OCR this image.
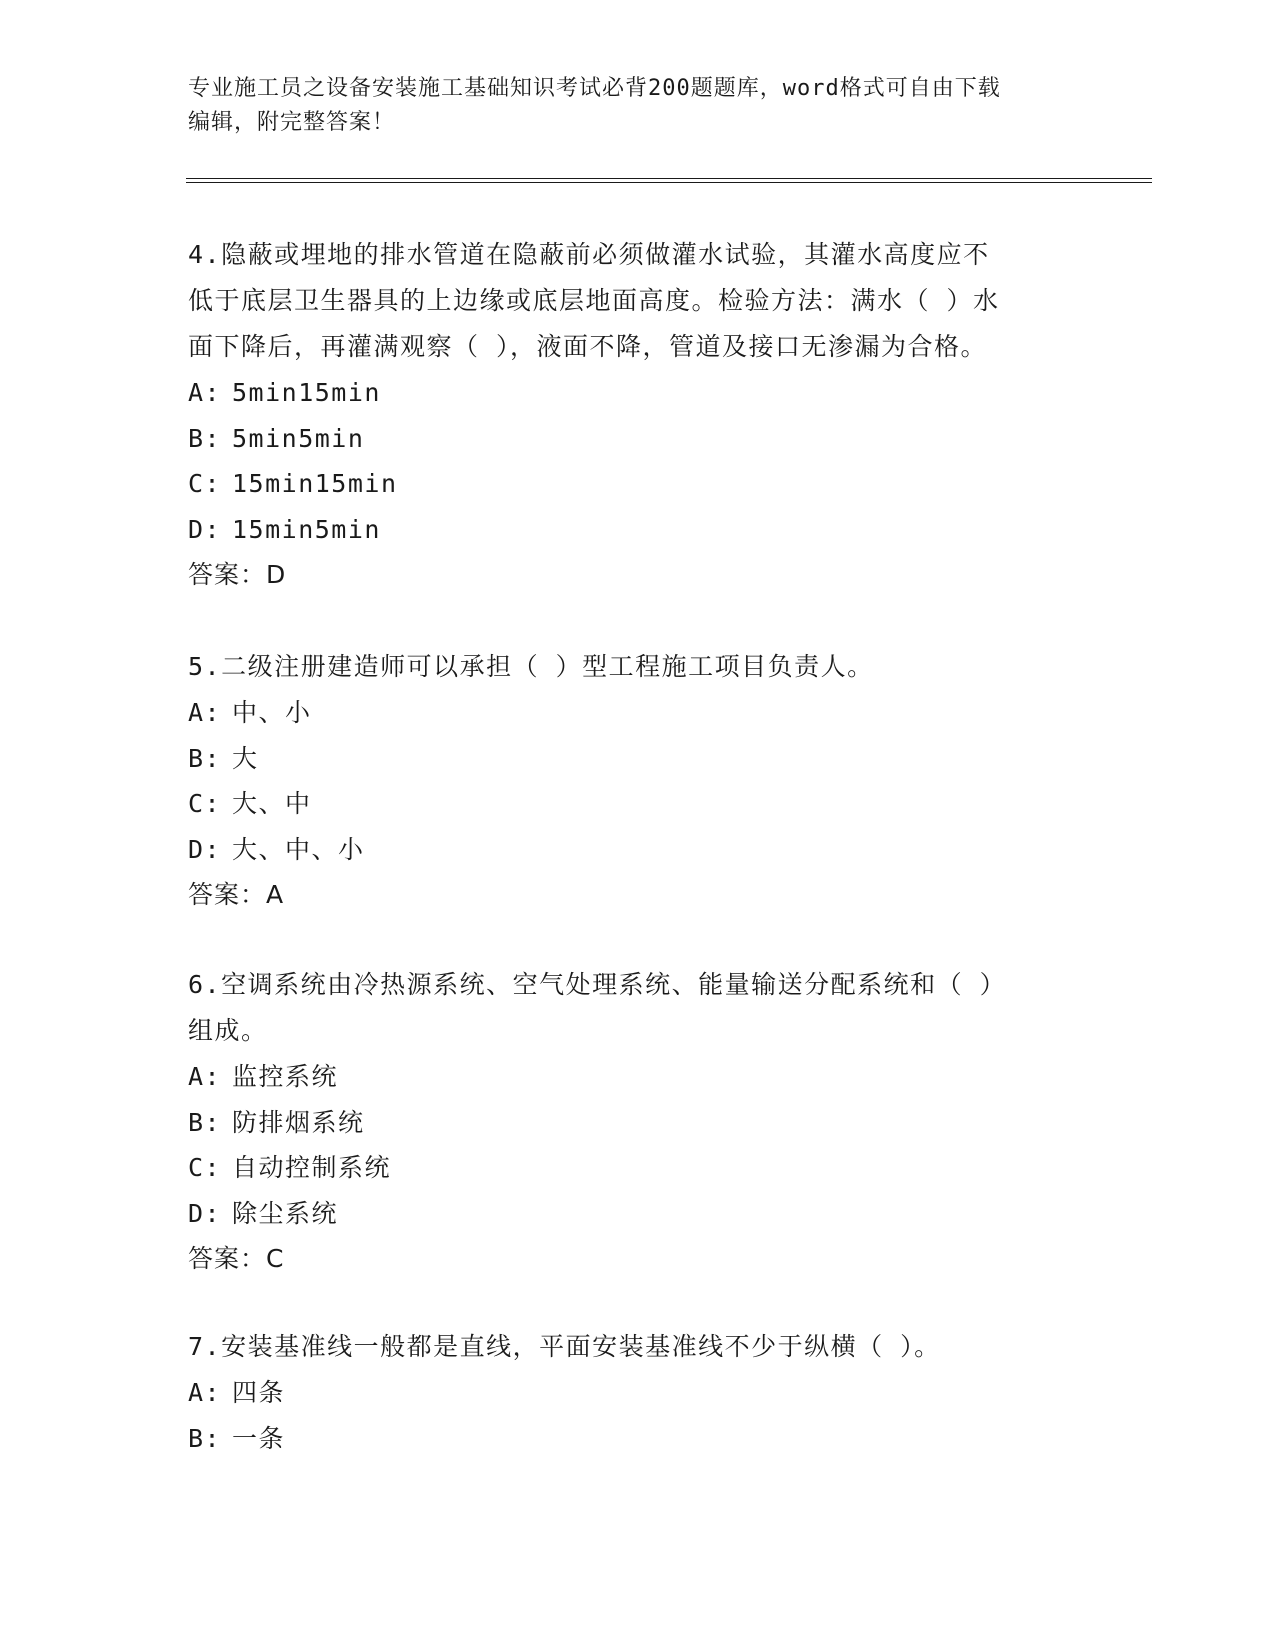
专业施工员之设备安装施工基础知识考试必背200题题库，word格式可自由下载
编辑，附完整答案！
4.隐蔽或埋地的排水管道在隐蔽前必须做灌水试验，其灌水高度应不
低于底层卫生器具的上边缘或底层地面高度。检验方法：满水（ ）水
面下降后，再灌满观察（ ），液面不降，管道及接口无渗漏为合格。
A: 5min15min
B: 5min5min
C: 15min15min
D: 15min5min
答案：D
5.二级注册建造师可以承担（ ）型工程施工项目负责人。
A: 中、小
B: 大
C: 大、中
D: 大、中、小
答案：A
6.空调系统由冷热源系统、空气处理系统、能量输送分配系统和（ ）
组成。
A: 监控系统
B: 防排烟系统
C: 自动控制系统
D: 除尘系统
答案：C
7.安装基准线一般都是直线，平面安装基准线不少于纵横（ ）。
A: 四条
B: 一条
